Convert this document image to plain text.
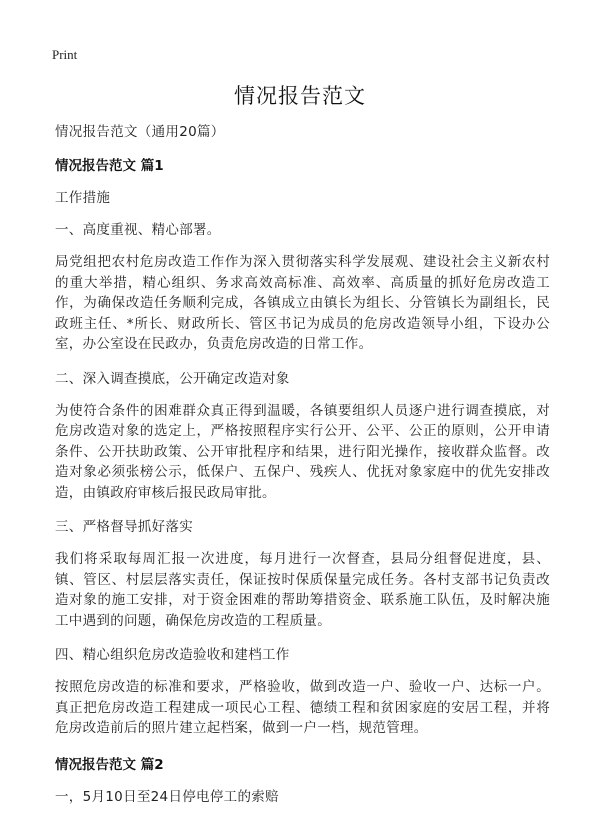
Print
情况报告范文

情况报告范文（通用20篇）

情况报告范文 篇1

工作措施

一、高度重视、精心部署。

局党组把农村危房改造工作作为深入贯彻落实科学发展观、建设社会主义新农村的重大举措，精心组织、务求高效高标准、高效率、高质量的抓好危房改造工作，为确保改造任务顺利完成，各镇成立由镇长为组长、分管镇长为副组长，民政班主任、*所长、财政所长、管区书记为成员的危房改造领导小组，下设办公室，办公室设在民政办，负责危房改造的日常工作。

二、深入调查摸底，公开确定改造对象

为使符合条件的困难群众真正得到温暖，各镇要组织人员逐户进行调查摸底，对危房改造对象的选定上，严格按照程序实行公开、公平、公正的原则，公开申请条件、公开扶助政策、公开审批程序和结果，进行阳光操作，接收群众监督。改造对象必须张榜公示，低保户、五保户、残疾人、优抚对象家庭中的优先安排改造，由镇政府审核后报民政局审批。

三、严格督导抓好落实

我们将采取每周汇报一次进度，每月进行一次督查，县局分组督促进度，县、镇、管区、村层层落实责任，保证按时保质保量完成任务。各村支部书记负责改造对象的施工安排，对于资金困难的帮助筹措资金、联系施工队伍，及时解决施工中遇到的问题，确保危房改造的工程质量。

四、精心组织危房改造验收和建档工作

按照危房改造的标准和要求，严格验收，做到改造一户、验收一户、达标一户。真正把危房改造工程建成一项民心工程、德绩工程和贫困家庭的安居工程，并将危房改造前后的照片建立起档案，做到一户一档，规范管理。

情况报告范文 篇2

一，5月10日至24日停电停工的索赔
